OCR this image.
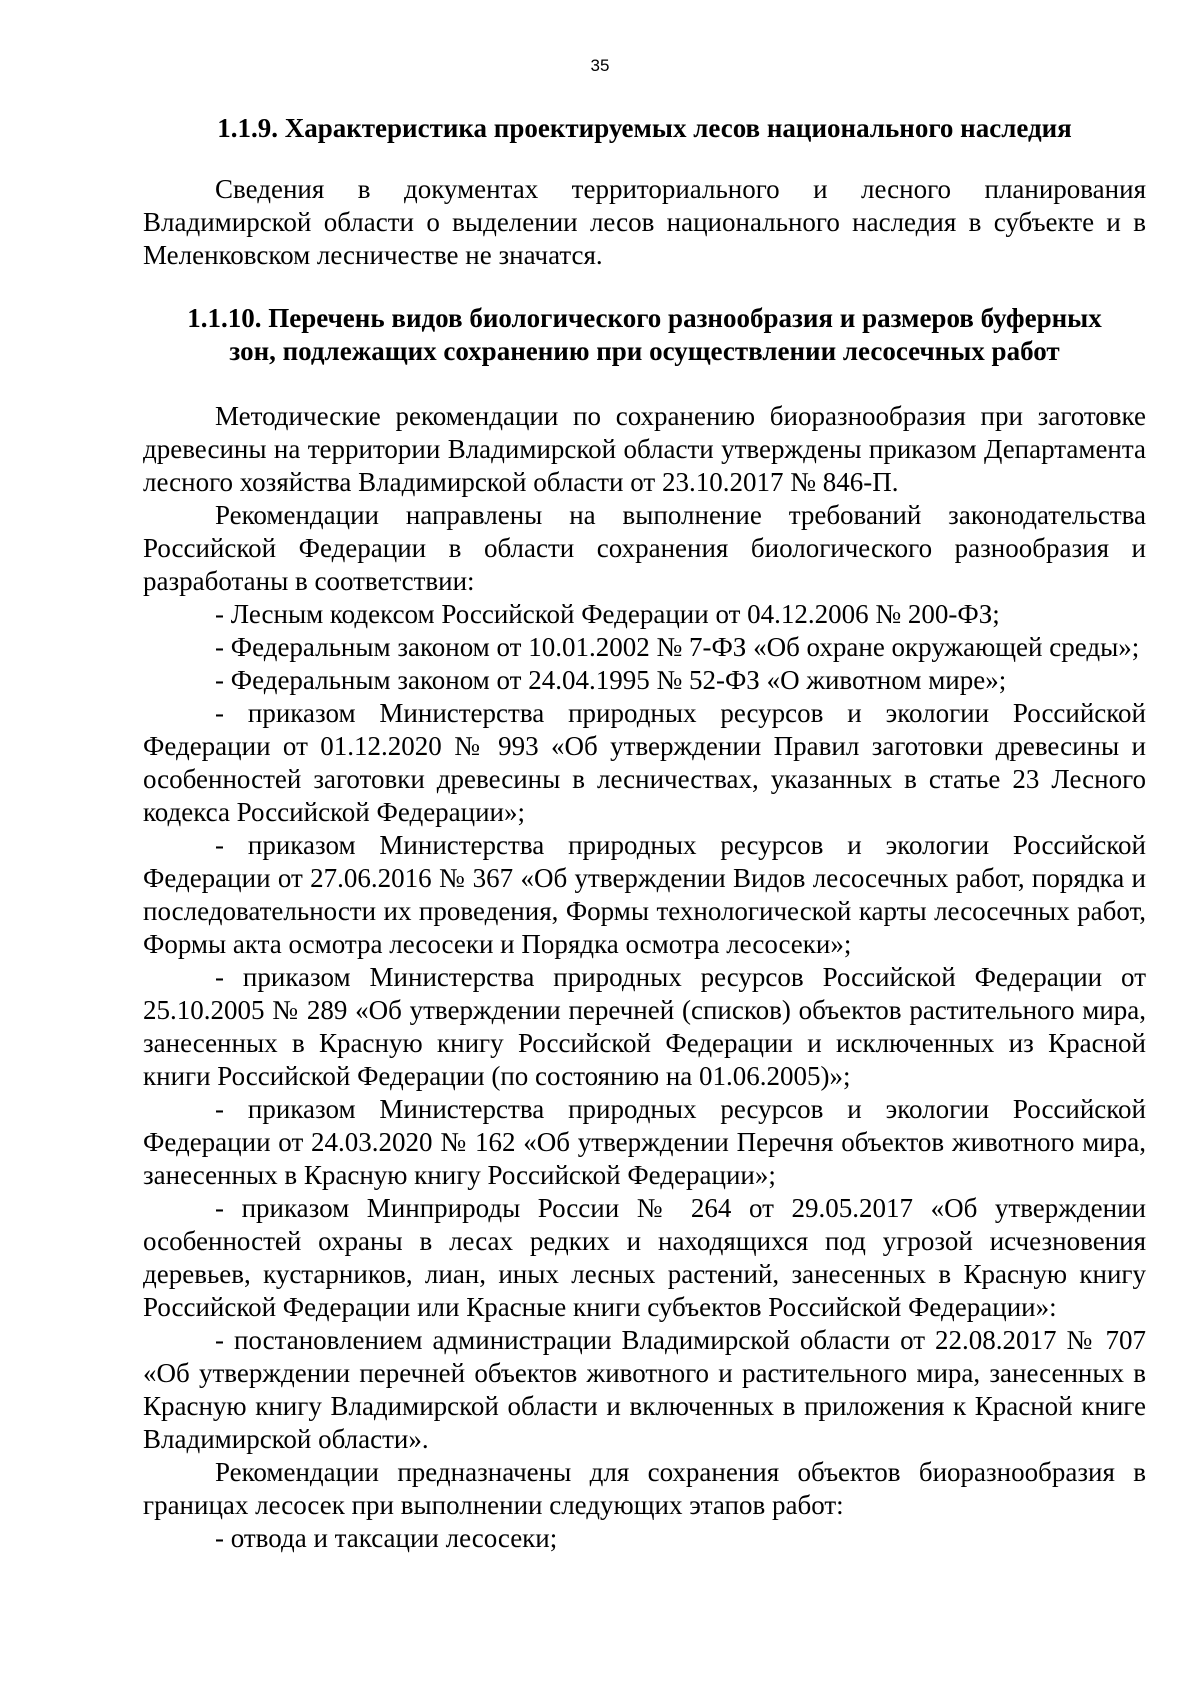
35

1.1.9. Характеристика проектируемых лесов национального наследия

Сведения в документах территориального и лесного планирования Владимирской области о выделении лесов национального наследия в субъекте и в Меленковском лесничестве не значатся.

1.1.10. Перечень видов биологического разнообразия и размеров буферных
зон, подлежащих сохранению при осуществлении лесосечных работ

Методические рекомендации по сохранению биоразнообразия при заготовке древесины на территории Владимирской области утверждены приказом Департамента лесного хозяйства Владимирской области от 23.10.2017 № 846-П.

Рекомендации направлены на выполнение требований законодательства Российской Федерации в области сохранения биологического разнообразия и разработаны в соответствии:

- Лесным кодексом Российской Федерации от 04.12.2006 № 200-ФЗ;

- Федеральным законом от 10.01.2002 № 7-ФЗ «Об охране окружающей среды»;

- Федеральным законом от 24.04.1995 № 52-ФЗ «О животном мире»;

- приказом Министерства природных ресурсов и экологии Российской Федерации от 01.12.2020 № 993 «Об утверждении Правил заготовки древесины и особенностей заготовки древесины в лесничествах, указанных в статье 23 Лесного кодекса Российской Федерации»;

- приказом Министерства природных ресурсов и экологии Российской Федерации от 27.06.2016 № 367 «Об утверждении Видов лесосечных работ, порядка и последовательности их проведения, Формы технологической карты лесосечных работ, Формы акта осмотра лесосеки и Порядка осмотра лесосеки»;

- приказом Министерства природных ресурсов Российской Федерации от 25.10.2005 № 289 «Об утверждении перечней (списков) объектов растительного мира, занесенных в Красную книгу Российской Федерации и исключенных из Красной книги Российской Федерации (по состоянию на 01.06.2005)»;

- приказом Министерства природных ресурсов и экологии Российской Федерации от 24.03.2020 № 162 «Об утверждении Перечня объектов животного мира, занесенных в Красную книгу Российской Федерации»;

- приказом Минприроды России № 264 от 29.05.2017 «Об утверждении особенностей охраны в лесах редких и находящихся под угрозой исчезновения деревьев, кустарников, лиан, иных лесных растений, занесенных в Красную книгу Российской Федерации или Красные книги субъектов Российской Федерации»:

- постановлением администрации Владимирской области от 22.08.2017 № 707 «Об утверждении перечней объектов животного и растительного мира, занесенных в Красную книгу Владимирской области и включенных в приложения к Красной книге Владимирской области».

Рекомендации предназначены для сохранения объектов биоразнообразия в границах лесосек при выполнении следующих этапов работ:

- отвода и таксации лесосеки;
